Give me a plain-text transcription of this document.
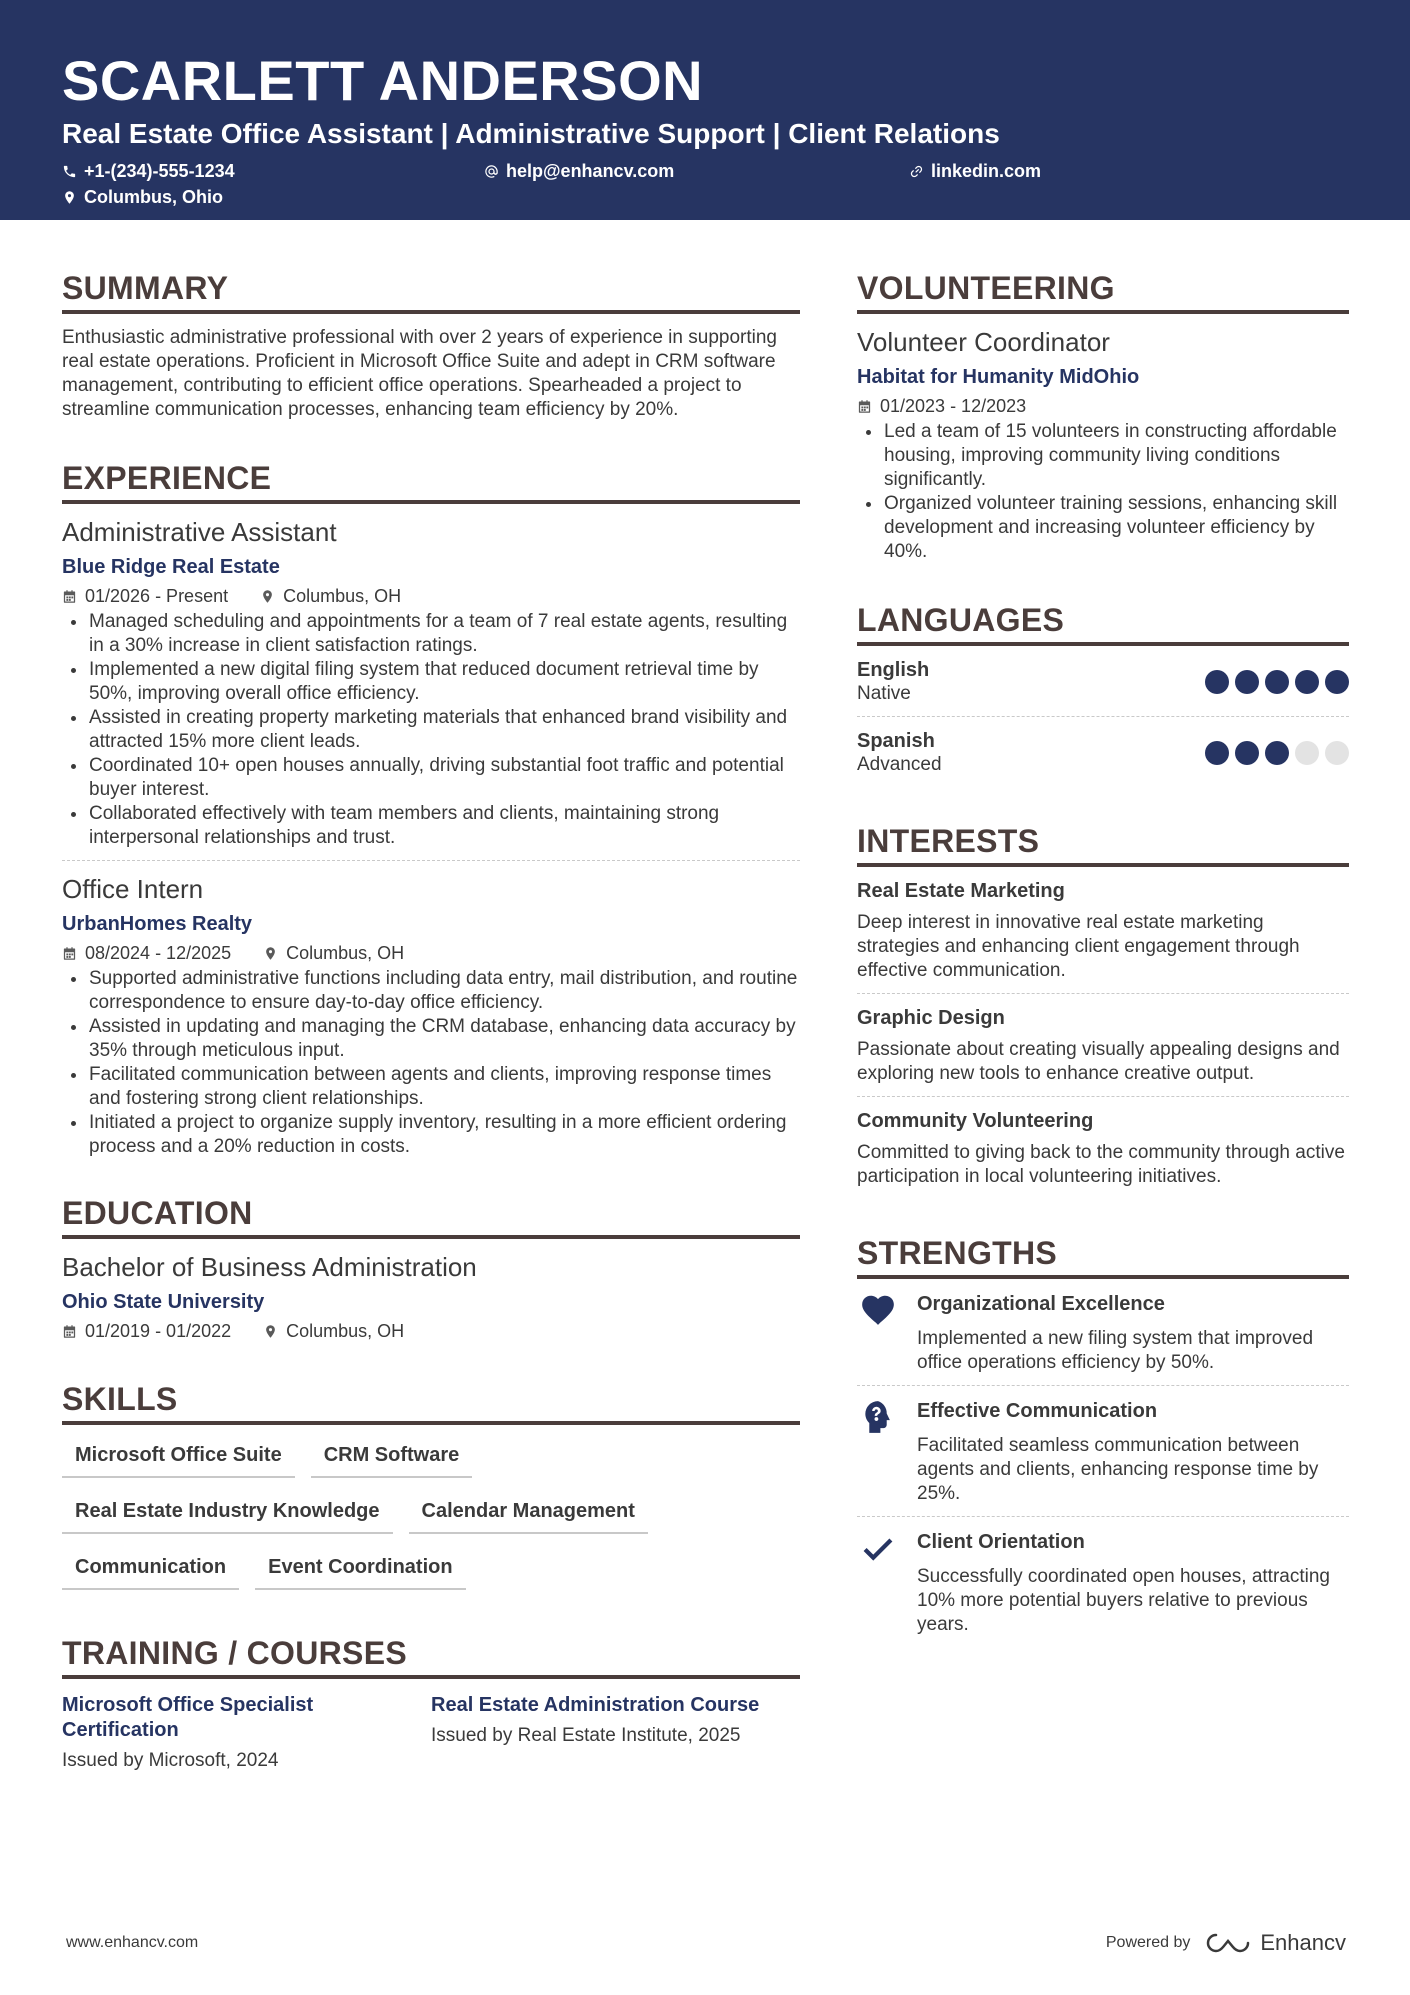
SCARLETT ANDERSON
Real Estate Office Assistant | Administrative Support | Client Relations
+1-(234)-555-1234	help@enhancv.com	linkedin.com
Columbus, Ohio
SUMMARY
Enthusiastic administrative professional with over 2 years of experience in supporting real estate operations. Proficient in Microsoft Office Suite and adept in CRM software management, contributing to efficient office operations. Spearheaded a project to streamline communication processes, enhancing team efficiency by 20%.
EXPERIENCE
Administrative Assistant
Blue Ridge Real Estate
01/2026 - Present	Columbus, OH
Managed scheduling and appointments for a team of 7 real estate agents, resulting in a 30% increase in client satisfaction ratings.
Implemented a new digital filing system that reduced document retrieval time by 50%, improving overall office efficiency.
Assisted in creating property marketing materials that enhanced brand visibility and attracted 15% more client leads.
Coordinated 10+ open houses annually, driving substantial foot traffic and potential buyer interest.
Collaborated effectively with team members and clients, maintaining strong interpersonal relationships and trust.
Office Intern
UrbanHomes Realty
08/2024 - 12/2025	Columbus, OH
Supported administrative functions including data entry, mail distribution, and routine correspondence to ensure day-to-day office efficiency.
Assisted in updating and managing the CRM database, enhancing data accuracy by 35% through meticulous input.
Facilitated communication between agents and clients, improving response times and fostering strong client relationships.
Initiated a project to organize supply inventory, resulting in a more efficient ordering process and a 20% reduction in costs.
EDUCATION
Bachelor of Business Administration
Ohio State University
01/2019 - 01/2022	Columbus, OH
SKILLS
Microsoft Office Suite	CRM Software
Real Estate Industry Knowledge	Calendar Management
Communication	Event Coordination
TRAINING / COURSES
Microsoft Office Specialist Certification
Issued by Microsoft, 2024
Real Estate Administration Course
Issued by Real Estate Institute, 2025
VOLUNTEERING
Volunteer Coordinator
Habitat for Humanity MidOhio
01/2023 - 12/2023
Led a team of 15 volunteers in constructing affordable housing, improving community living conditions significantly.
Organized volunteer training sessions, enhancing skill development and increasing volunteer efficiency by 40%.
LANGUAGES
English
Native
Spanish
Advanced
INTERESTS
Real Estate Marketing
Deep interest in innovative real estate marketing strategies and enhancing client engagement through effective communication.
Graphic Design
Passionate about creating visually appealing designs and exploring new tools to enhance creative output.
Community Volunteering
Committed to giving back to the community through active participation in local volunteering initiatives.
STRENGTHS
Organizational Excellence
Implemented a new filing system that improved office operations efficiency by 50%.
Effective Communication
Facilitated seamless communication between agents and clients, enhancing response time by 25%.
Client Orientation
Successfully coordinated open houses, attracting 10% more potential buyers relative to previous years.
www.enhancv.com	Powered by	Enhancv
